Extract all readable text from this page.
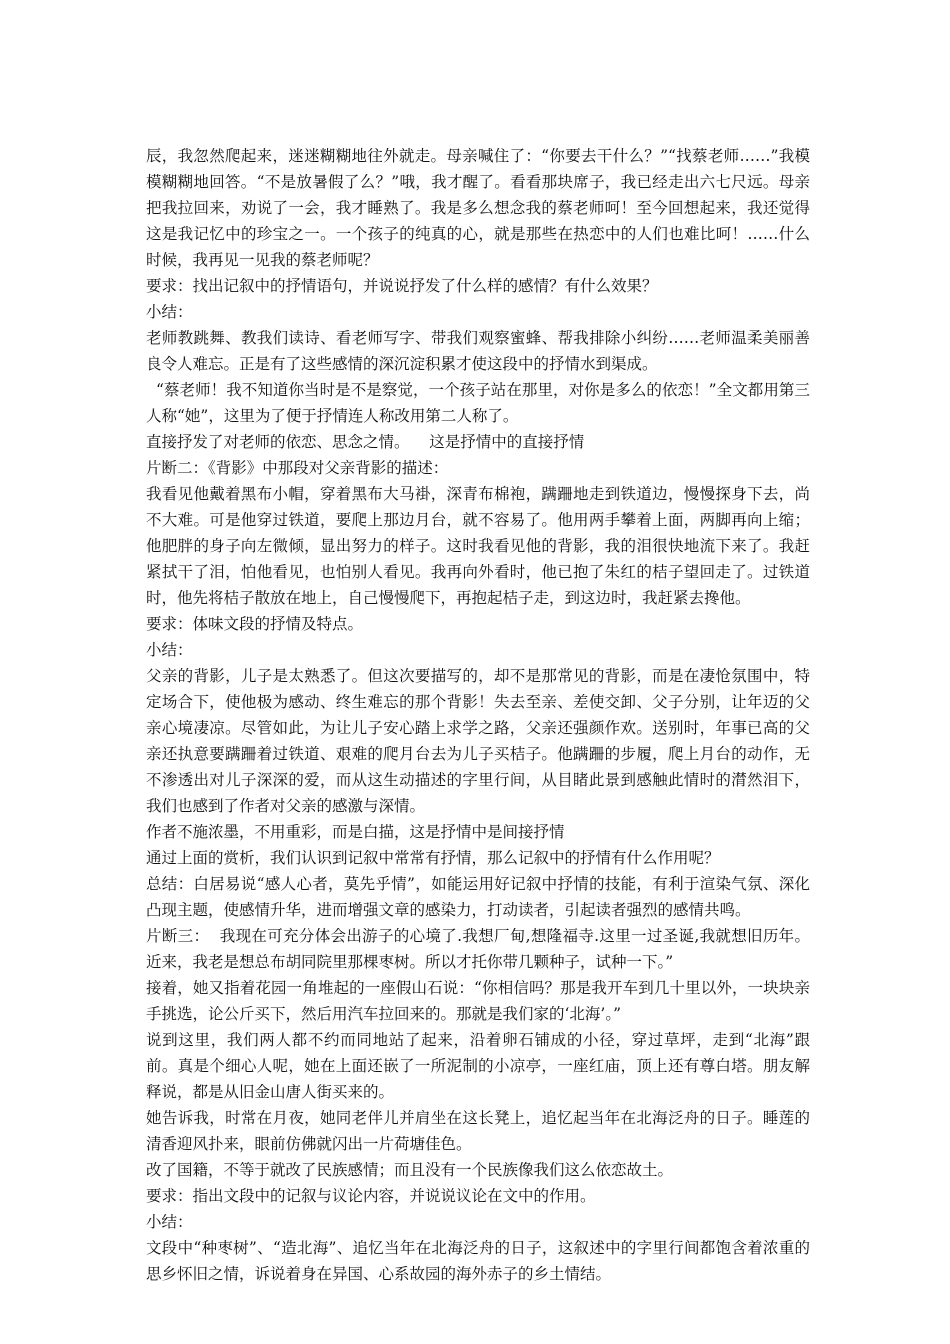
辰，我忽然爬起来，迷迷糊糊地往外就走。母亲喊住了：“你要去干什么？”“找蔡老师……”我模模糊糊地回答。“不是放暑假了么？”哦，我才醒了。看看那块席子，我已经走出六七尺远。母亲把我拉回来，劝说了一会，我才睡熟了。我是多么想念我的蔡老师呵！至今回想起来，我还觉得这是我记忆中的珍宝之一。一个孩子的纯真的心，就是那些在热恋中的人们也难比呵！……什么时候，我再见一见我的蔡老师呢？

要求：找出记叙中的抒情语句，并说说抒发了什么样的感情？有什么效果？

小结：

老师教跳舞、教我们读诗、看老师写字、带我们观察蜜蜂、帮我排除小纠纷……老师温柔美丽善良令人难忘。正是有了这些感情的深沉淀积累才使这段中的抒情水到渠成。

“蔡老师！我不知道你当时是不是察觉，一个孩子站在那里，对你是多么的依恋！”全文都用第三人称“她”，这里为了便于抒情连人称改用第二人称了。

直接抒发了对老师的依恋、思念之情。    这是抒情中的直接抒情

片断二：《背影》中那段对父亲背影的描述：

我看见他戴着黑布小帽，穿着黑布大马褂，深青布棉袍，蹒跚地走到铁道边，慢慢探身下去，尚不大难。可是他穿过铁道，要爬上那边月台，就不容易了。他用两手攀着上面，两脚再向上缩；他肥胖的身子向左微倾，显出努力的样子。这时我看见他的背影，我的泪很快地流下来了。我赶紧拭干了泪，怕他看见，也怕别人看见。我再向外看时，他已抱了朱红的桔子望回走了。过铁道时，他先将桔子散放在地上，自己慢慢爬下，再抱起桔子走，到这边时，我赶紧去搀他。

要求：体味文段的抒情及特点。

小结：

父亲的背影，儿子是太熟悉了。但这次要描写的，却不是那常见的背影，而是在凄怆氛围中，特定场合下，使他极为感动、终生难忘的那个背影！失去至亲、差使交卸、父子分别，让年迈的父亲心境凄凉。尽管如此，为让儿子安心踏上求学之路，父亲还强颜作欢。送别时，年事已高的父亲还执意要蹒跚着过铁道、艰难的爬月台去为儿子买桔子。他蹒跚的步履，爬上月台的动作，无不渗透出对儿子深深的爱，而从这生动描述的字里行间，从目睹此景到感触此情时的潸然泪下，我们也感到了作者对父亲的感激与深情。

作者不施浓墨，不用重彩，而是白描，这是抒情中是间接抒情

通过上面的赏析，我们认识到记叙中常常有抒情，那么记叙中的抒情有什么作用呢？

总结：白居易说“感人心者，莫先乎情”，如能运用好记叙中抒情的技能，有利于渲染气氛、深化凸现主题，使感情升华，进而增强文章的感染力，打动读者，引起读者强烈的感情共鸣。

片断三：  我现在可充分体会出游子的心境了.我想厂甸,想隆福寺.这里一过圣诞,我就想旧历年。近来，我老是想总布胡同院里那棵枣树。所以才托你带几颗种子，试种一下。”

接着，她又指着花园一角堆起的一座假山石说：“你相信吗？那是我开车到几十里以外，一块块亲手挑选，论公斤买下，然后用汽车拉回来的。那就是我们家的‘北海’。”

说到这里，我们两人都不约而同地站了起来，沿着卵石铺成的小径，穿过草坪，走到“北海”跟前。真是个细心人呢，她在上面还嵌了一所泥制的小凉亭，一座红庙，顶上还有尊白塔。朋友解释说，都是从旧金山唐人街买来的。

她告诉我，时常在月夜，她同老伴儿并肩坐在这长凳上，追忆起当年在北海泛舟的日子。睡莲的清香迎风扑来，眼前仿佛就闪出一片荷塘佳色。

改了国籍，不等于就改了民族感情；而且没有一个民族像我们这么依恋故土。

要求：指出文段中的记叙与议论内容，并说说议论在文中的作用。

小结：

文段中“种枣树”、“造北海”、追忆当年在北海泛舟的日子，这叙述中的字里行间都饱含着浓重的思乡怀旧之情，诉说着身在异国、心系故园的海外赤子的乡土情结。
